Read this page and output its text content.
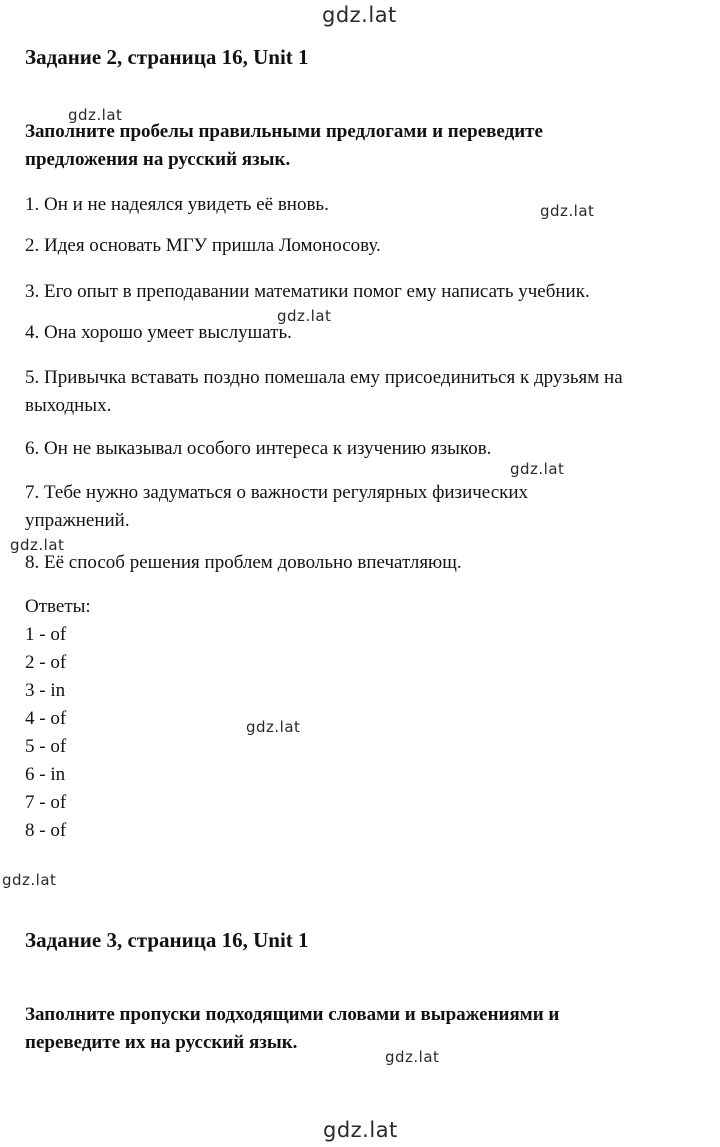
gdz.lat
gdz.lat
gdz.lat
gdz.lat
gdz.lat
gdz.lat
gdz.lat
gdz.lat
gdz.lat
gdz.lat
Задание 2, страница 16, Unit 1
Заполните пробелы правильными предлогами и переведите
предложения на русский язык.
1. Он и не надеялся увидеть её вновь.
2. Идея основать МГУ пришла Ломоносову.
3. Его опыт в преподавании математики помог ему написать учебник.
4. Она хорошо умеет выслушать.
5. Привычка вставать поздно помешала ему присоединиться к друзьям на
выходных.
6. Он не выказывал особого интереса к изучению языков.
7. Тебе нужно задуматься о важности регулярных физических
упражнений.
8. Её способ решения проблем довольно впечатляющ.
Ответы:
1 - of
2 - of
3 - in
4 - of
5 - of
6 - in
7 - of
8 - of
Задание 3, страница 16, Unit 1
Заполните пропуски подходящими словами и выражениями и
переведите их на русский язык.
